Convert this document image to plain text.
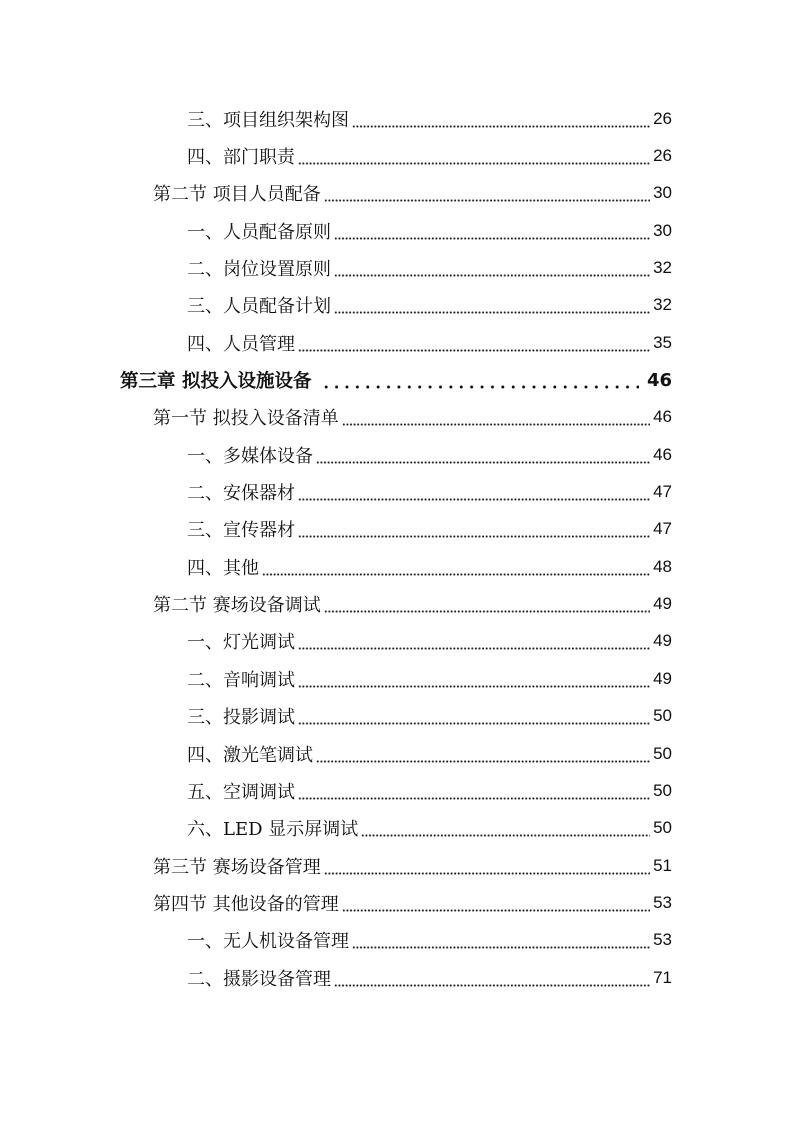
三、项目组织架构图	26
四、部门职责	26
第二节 项目人员配备	30
一、人员配备原则	30
二、岗位设置原则	32
三、人员配备计划	32
四、人员管理	35
第三章 拟投入设施设备	46
第一节 拟投入设备清单	46
一、多媒体设备	46
二、安保器材	47
三、宣传器材	47
四、其他	48
第二节 赛场设备调试	49
一、灯光调试	49
二、音响调试	49
三、投影调试	50
四、激光笔调试	50
五、空调调试	50
六、LED 显示屏调试	50
第三节 赛场设备管理	51
第四节 其他设备的管理	53
一、无人机设备管理	53
二、摄影设备管理	71
